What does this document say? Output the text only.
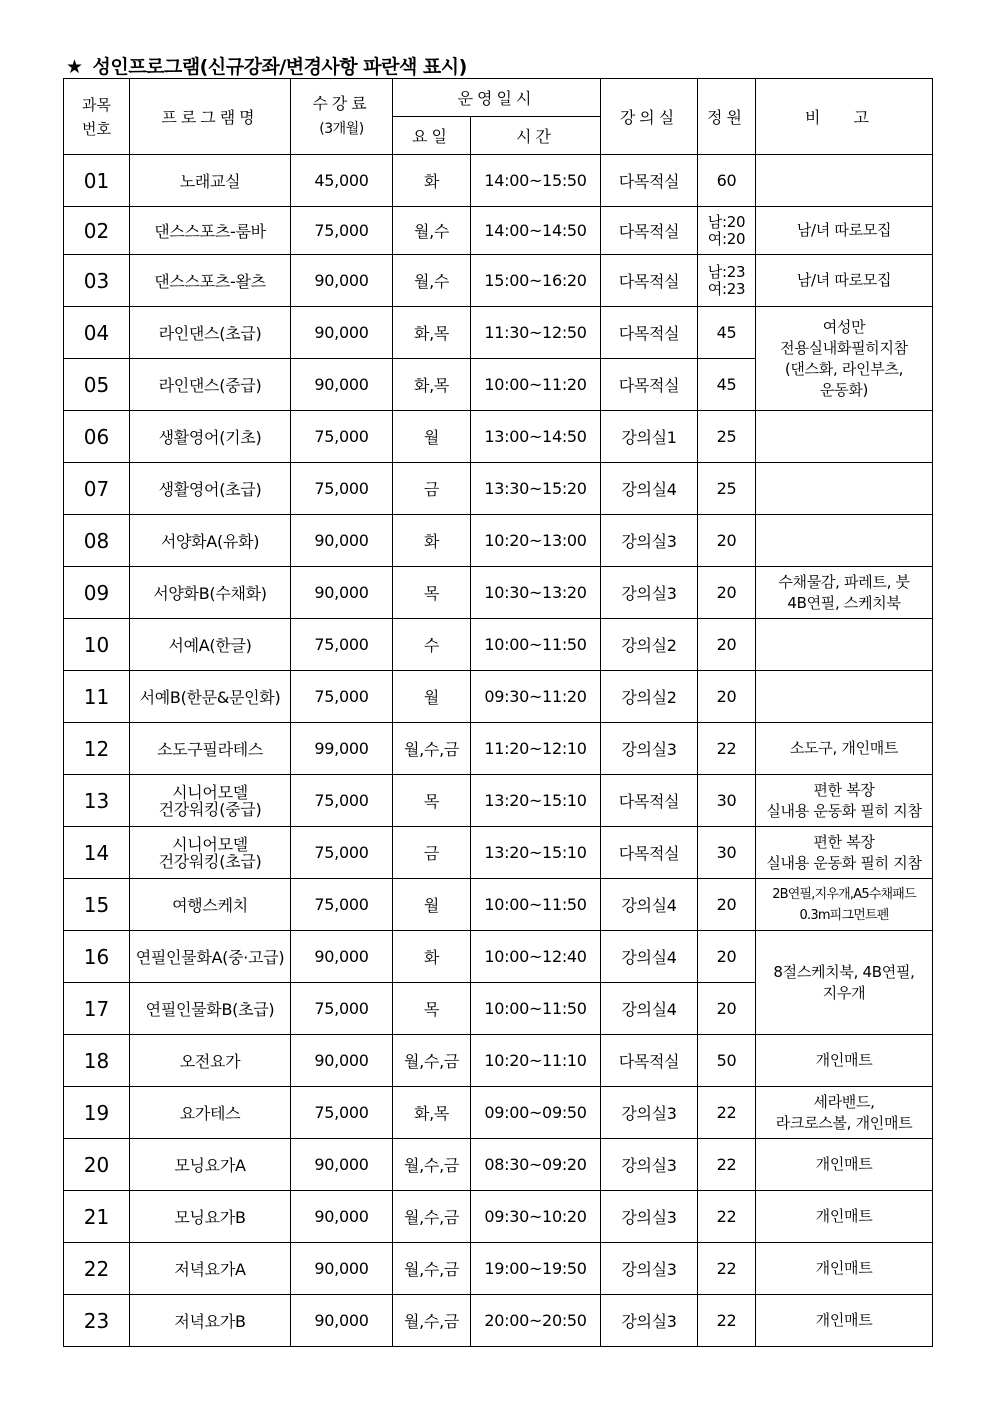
★ 성인프로그램(신규강좌/변경사항 파란색 표시)
과목
번호	프로그램명	수강료
(3개월)	운영일시		강의실	정원	비 고
			요일	시간			
01	노래교실	45,000	화	14:00~15:50	다목적실	60	
02	댄스스포츠-룸바	75,000	월,수	14:00~14:50	다목적실	남:20
여:20	남/녀 따로모집
03	댄스스포츠-왈츠	90,000	월,수	15:00~16:20	다목적실	남:23
여:23	남/녀 따로모집
04	라인댄스(초급)	90,000	화,목	11:30~12:50	다목적실	45	여성만
전용실내화필히지참
(댄스화, 라인부츠,
운동화)
05	라인댄스(중급)	90,000	화,목	10:00~11:20	다목적실	45	
06	생활영어(기초)	75,000	월	13:00~14:50	강의실1	25	
07	생활영어(초급)	75,000	금	13:30~15:20	강의실4	25	
08	서양화A(유화)	90,000	화	10:20~13:00	강의실3	20	
09	서양화B(수채화)	90,000	목	10:30~13:20	강의실3	20	수채물감, 파레트, 붓
4B연필, 스케치북
10	서예A(한글)	75,000	수	10:00~11:50	강의실2	20	
11	서예B(한문&문인화)	75,000	월	09:30~11:20	강의실2	20	
12	소도구필라테스	99,000	월,수,금	11:20~12:10	강의실3	22	소도구, 개인매트
13	시니어모델
건강워킹(중급)	75,000	목	13:20~15:10	다목적실	30	편한 복장
실내용 운동화 필히 지참
14	시니어모델
건강워킹(초급)	75,000	금	13:20~15:10	다목적실	30	편한 복장
실내용 운동화 필히 지참
15	여행스케치	75,000	월	10:00~11:50	강의실4	20	2B연필,지우개,A5수채패드
0.3m피그먼트펜
16	연필인물화A(중·고급)	90,000	화	10:00~12:40	강의실4	20	8절스케치북, 4B연필,
지우개
17	연필인물화B(초급)	75,000	목	10:00~11:50	강의실4	20	
18	오전요가	90,000	월,수,금	10:20~11:10	다목적실	50	개인매트
19	요가테스	75,000	화,목	09:00~09:50	강의실3	22	세라밴드,
라크로스볼, 개인매트
20	모닝요가A	90,000	월,수,금	08:30~09:20	강의실3	22	개인매트
21	모닝요가B	90,000	월,수,금	09:30~10:20	강의실3	22	개인매트
22	저녁요가A	90,000	월,수,금	19:00~19:50	강의실3	22	개인매트
23	저녁요가B	90,000	월,수,금	20:00~20:50	강의실3	22	개인매트
